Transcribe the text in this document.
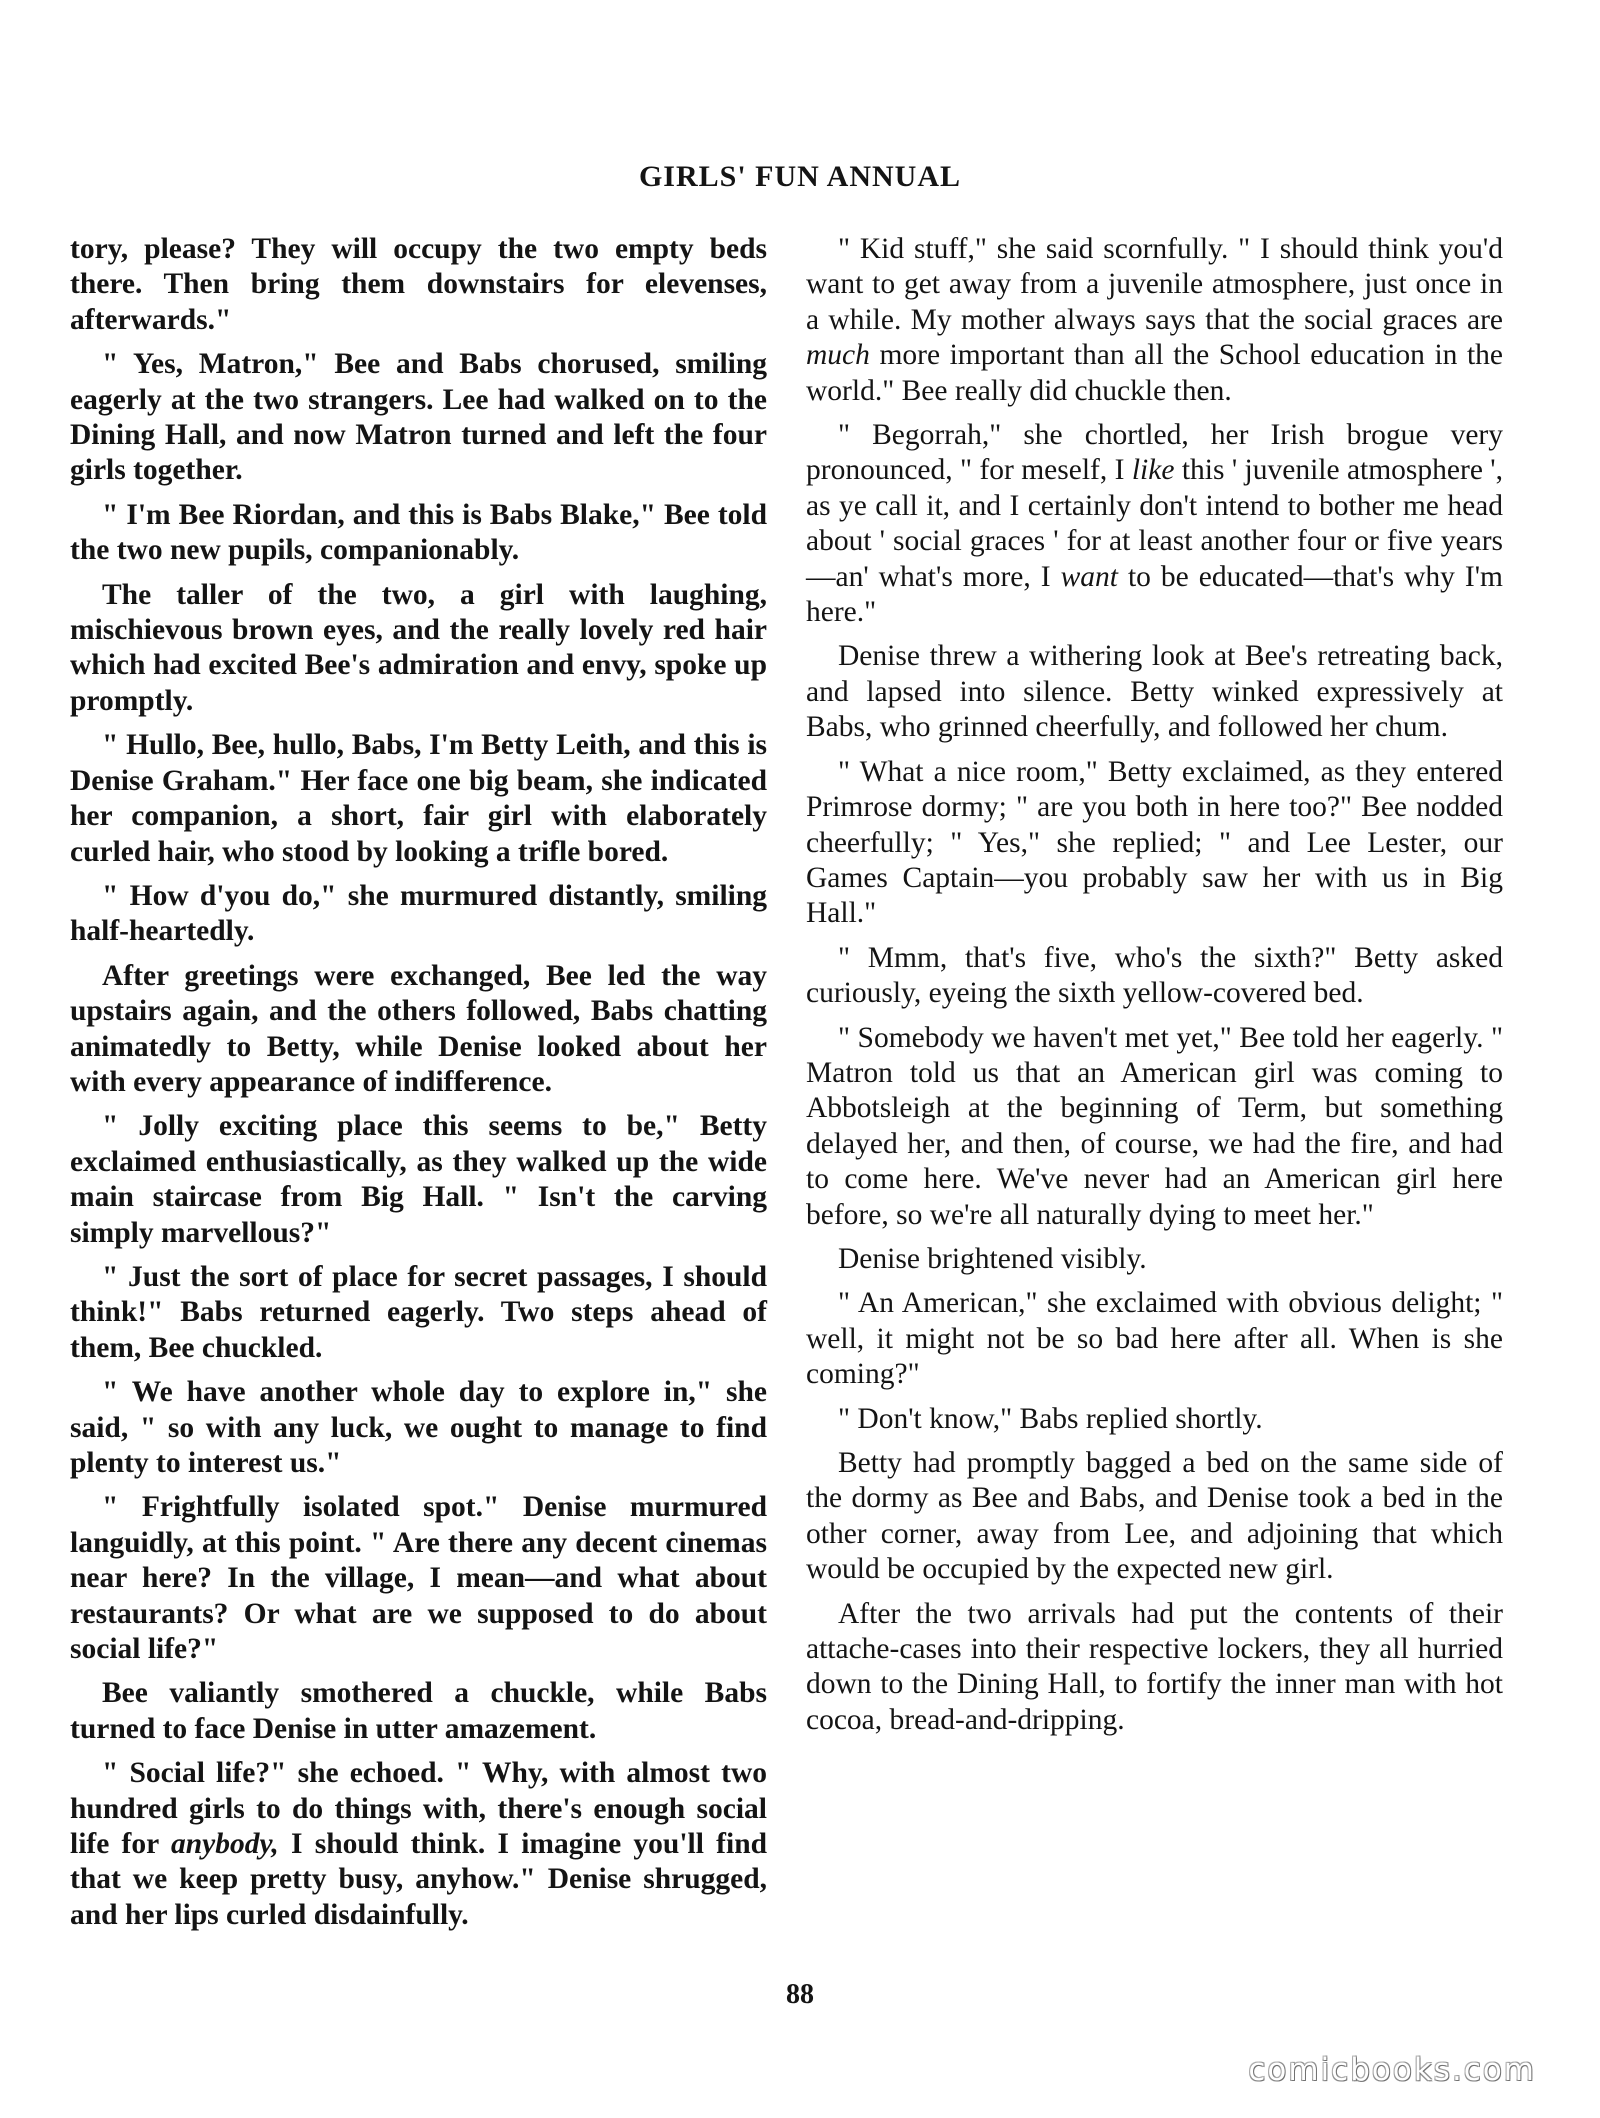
GIRLS' FUN ANNUAL

tory, please? They will occupy the two empty beds there. Then bring them downstairs for elevenses, afterwards."

" Yes, Matron," Bee and Babs chorused, smiling eagerly at the two strangers. Lee had walked on to the Dining Hall, and now Matron turned and left the four girls together.

" I'm Bee Riordan, and this is Babs Blake," Bee told the two new pupils, companionably.

The taller of the two, a girl with laughing, mischievous brown eyes, and the really lovely red hair which had excited Bee's admiration and envy, spoke up promptly.

" Hullo, Bee, hullo, Babs, I'm Betty Leith, and this is Denise Graham." Her face one big beam, she indicated her companion, a short, fair girl with elaborately curled hair, who stood by looking a trifle bored.

" How d'you do," she murmured distantly, smiling half-heartedly.

After greetings were exchanged, Bee led the way upstairs again, and the others followed, Babs chatting animatedly to Betty, while Denise looked about her with every appearance of indifference.

" Jolly exciting place this seems to be," Betty exclaimed enthusiastically, as they walked up the wide main staircase from Big Hall. " Isn't the carving simply marvellous?"

" Just the sort of place for secret passages, I should think!" Babs returned eagerly. Two steps ahead of them, Bee chuckled.

" We have another whole day to explore in," she said, " so with any luck, we ought to manage to find plenty to interest us."

" Frightfully isolated spot." Denise murmured languidly, at this point. " Are there any decent cinemas near here? In the village, I mean—and what about restaurants? Or what are we supposed to do about social life?"

Bee valiantly smothered a chuckle, while Babs turned to face Denise in utter amazement.

" Social life?" she echoed. " Why, with almost two hundred girls to do things with, there's enough social life for anybody, I should think. I imagine you'll find that we keep pretty busy, anyhow." Denise shrugged, and her lips curled disdainfully.

" Kid stuff," she said scornfully. " I should think you'd want to get away from a juvenile atmosphere, just once in a while. My mother always says that the social graces are much more important than all the School education in the world." Bee really did chuckle then.

" Begorrah," she chortled, her Irish brogue very pronounced, " for meself, I like this ' juvenile atmosphere ', as ye call it, and I certainly don't intend to bother me head about ' social graces ' for at least another four or five years—an' what's more, I want to be educated—that's why I'm here."

Denise threw a withering look at Bee's retreating back, and lapsed into silence. Betty winked expressively at Babs, who grinned cheerfully, and followed her chum.

" What a nice room," Betty exclaimed, as they entered Primrose dormy; " are you both in here too?" Bee nodded cheerfully; " Yes," she replied; " and Lee Lester, our Games Captain—you probably saw her with us in Big Hall."

" Mmm, that's five, who's the sixth?" Betty asked curiously, eyeing the sixth yellow-covered bed.

" Somebody we haven't met yet," Bee told her eagerly. " Matron told us that an American girl was coming to Abbotsleigh at the beginning of Term, but something delayed her, and then, of course, we had the fire, and had to come here. We've never had an American girl here before, so we're all naturally dying to meet her."

Denise brightened visibly.

" An American," she exclaimed with obvious delight; " well, it might not be so bad here after all. When is she coming?"

" Don't know," Babs replied shortly.

Betty had promptly bagged a bed on the same side of the dormy as Bee and Babs, and Denise took a bed in the other corner, away from Lee, and adjoining that which would be occupied by the expected new girl.

After the two arrivals had put the contents of their attache-cases into their respective lockers, they all hurried down to the Dining Hall, to fortify the inner man with hot cocoa, bread-and-dripping.

88
comicbooks.com
